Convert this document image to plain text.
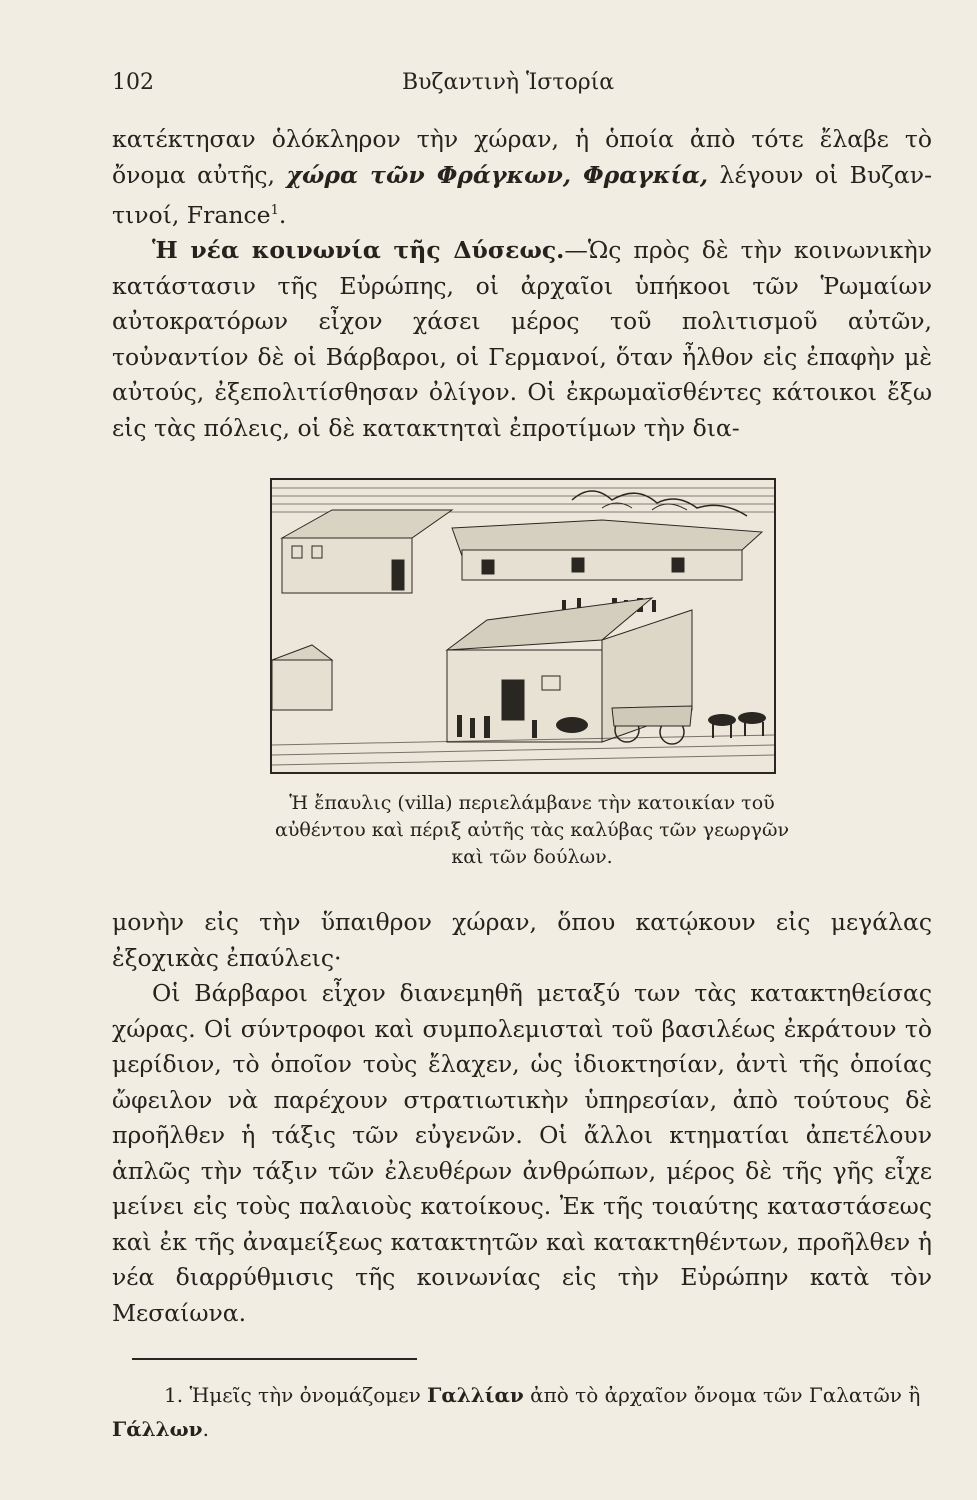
102	Βυζαντινὴ Ἱστορία

κατέκτησαν ὁλόκληρον τὴν χώραν, ἡ ὁποία ἀπὸ τότε ἔλαβε τὸ ὄνομα αὐτῆς, χώρα τῶν Φράγκων, Φραγκία, λέγουν οἱ Βυζαν- τινοί, France$^1$.

Ἡ νέα κοινωνία τῆς Δύσεως.—Ὡς πρὸς δὲ τὴν κοινωνικὴν κατάστασιν τῆς Εὐρώπης, οἱ ἀρχαῖοι ὑπήκοοι τῶν Ῥωμαίων αὐτοκρατόρων εἶχον χάσει μέρος τοῦ πολιτισμοῦ αὐτῶν, τοὐναντίον δὲ οἱ Βάρβαροι, οἱ Γερμανοί, ὅταν ἦλθον εἰς ἐπαφὴν μὲ αὐτούς, ἐξεπολιτίσθησαν ὀλίγον. Οἱ ἐκρωμαϊσθέντες κάτοικοι ἔξω εἰς τὰς πόλεις, οἱ δὲ κατακτηταὶ ἐπροτίμων τὴν δια-

Ἡ ἔπαυλις (villa) περιελάμβανε τὴν κατοικίαν τοῦ αὐθέντου καὶ πέριξ αὐτῆς τὰς καλύβας τῶν γεωργῶν καὶ τῶν δούλων.

μονὴν εἰς τὴν ὕπαιθρον χώραν, ὅπου κατῴκουν εἰς μεγάλας ἐξοχικὰς ἐπαύλεις·

Οἱ Βάρβαροι εἶχον διανεμηθῆ μεταξύ των τὰς κατακτηθείσας χώρας. Οἱ σύντροφοι καὶ συμπολεμισταὶ τοῦ βασιλέως ἐκράτουν τὸ μερίδιον, τὸ ὁποῖον τοὺς ἔλαχεν, ὡς ἰδιοκτησίαν, ἀντὶ τῆς ὁποίας ὤφειλον νὰ παρέχουν στρατιωτικὴν ὑπηρεσίαν, ἀπὸ τούτους δὲ προῆλθεν ἡ τάξις τῶν εὐγενῶν. Οἱ ἄλλοι κτηματίαι ἀπετέλουν ἁπλῶς τὴν τάξιν τῶν ἐλευθέρων ἀνθρώπων, μέρος δὲ τῆς γῆς εἶχε μείνει εἰς τοὺς παλαιοὺς κατοίκους. Ἐκ τῆς τοιαύτης καταστάσεως καὶ ἐκ τῆς ἀναμείξεως κατακτητῶν καὶ κατακτηθέντων, προῆλθεν ἡ νέα διαρρύθμισις τῆς κοινωνίας εἰς τὴν Εὐρώπην κατὰ τὸν Μεσαίωνα.

1. Ἡμεῖς τὴν ὀνομάζομεν Γαλλίαν ἀπὸ τὸ ἀρχαῖον ὄνομα τῶν Γαλατῶν ἢ Γάλλων.
